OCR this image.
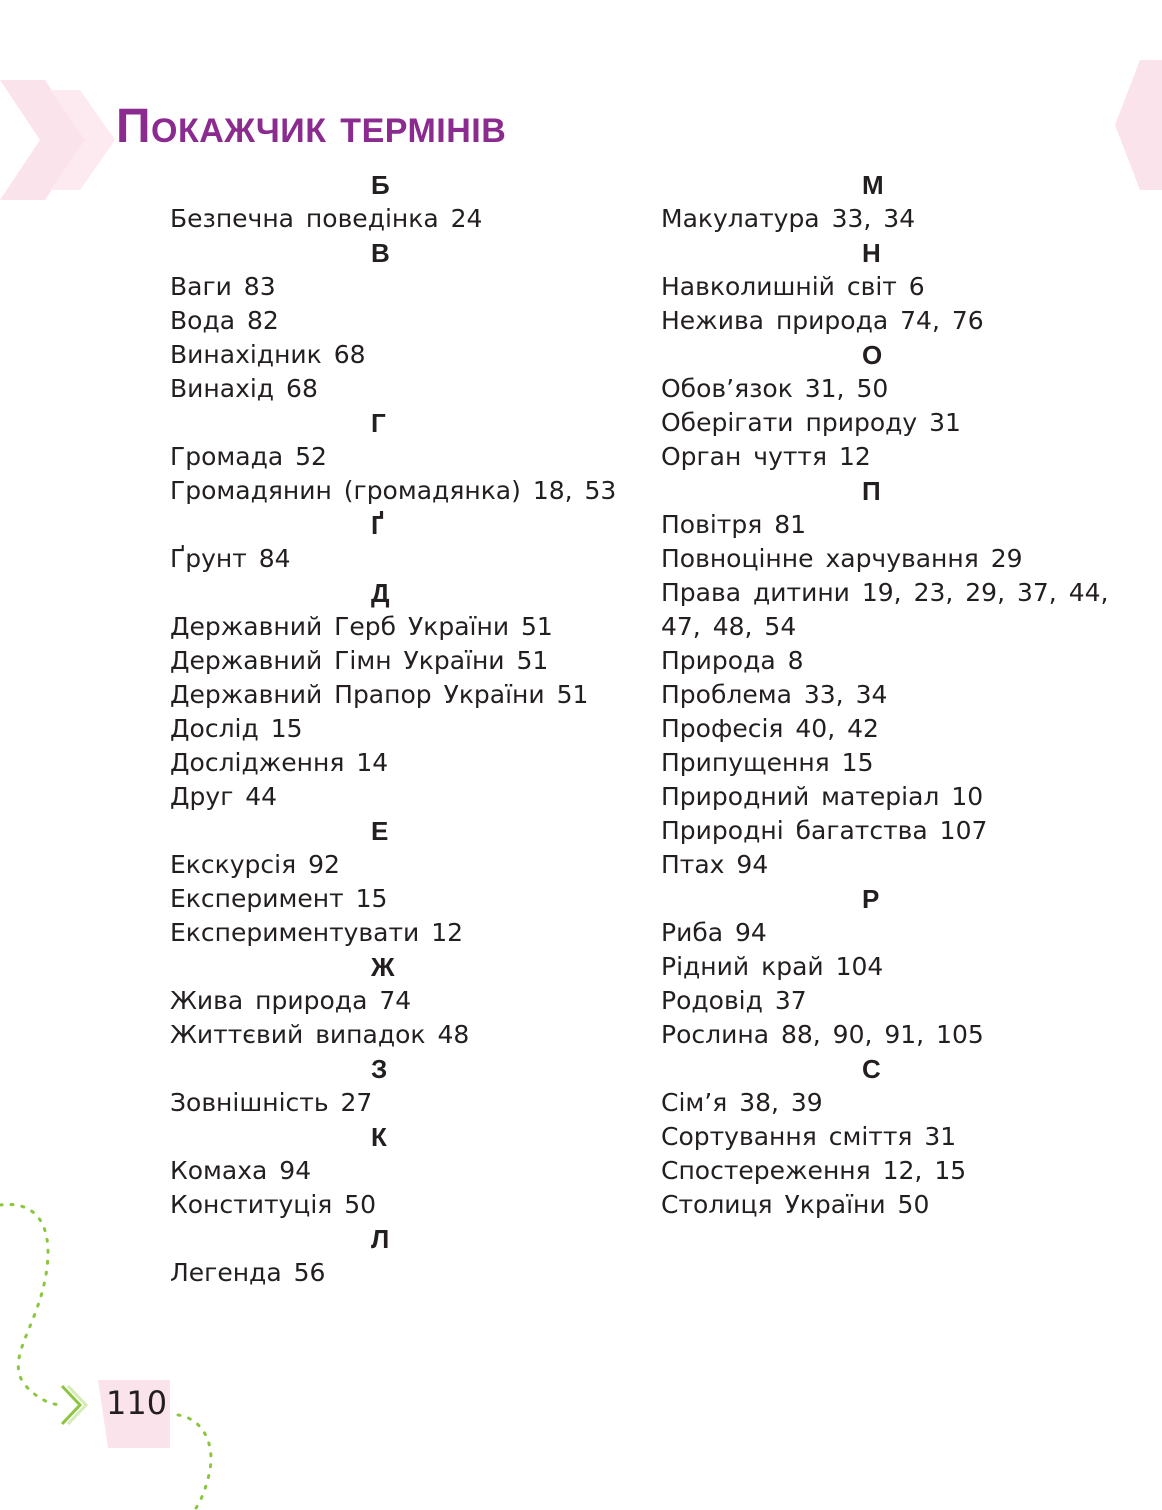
Покажчик термінів
Б
Безпечна поведінка 24
В
Ваги 83
Вода 82
Винахідник 68
Винахід 68
Г
Громада 52
Громадянин (громадянка) 18, 53
Ґ
Ґрунт 84
Д
Державний Герб України 51
Державний Гімн України 51
Державний Прапор України 51
Дослід 15
Дослідження 14
Друг 44
Е
Екскурсія 92
Експеримент 15
Експериментувати 12
Ж
Жива природа 74
Життєвий випадок 48
З
Зовнішність 27
К
Комаха 94
Конституція 50
Л
Легенда 56
М
Макулатура 33, 34
Н
Навколишній світ 6
Нежива природа 74, 76
О
Обов’язок 31, 50
Оберігати природу 31
Орган чуття 12
П
Повітря 81
Повноцінне харчування 29
Права дитини 19, 23, 29, 37, 44,
47, 48, 54
Природа 8
Проблема 33, 34
Професія 40, 42
Припущення 15
Природний матеріал 10
Природні багатства 107
Птах 94
Р
Риба 94
Рідний край 104
Родовід 37
Рослина 88, 90, 91, 105
С
Сім’я 38, 39
Сортування сміття 31
Спостереження 12, 15
Столиця України 50
110
